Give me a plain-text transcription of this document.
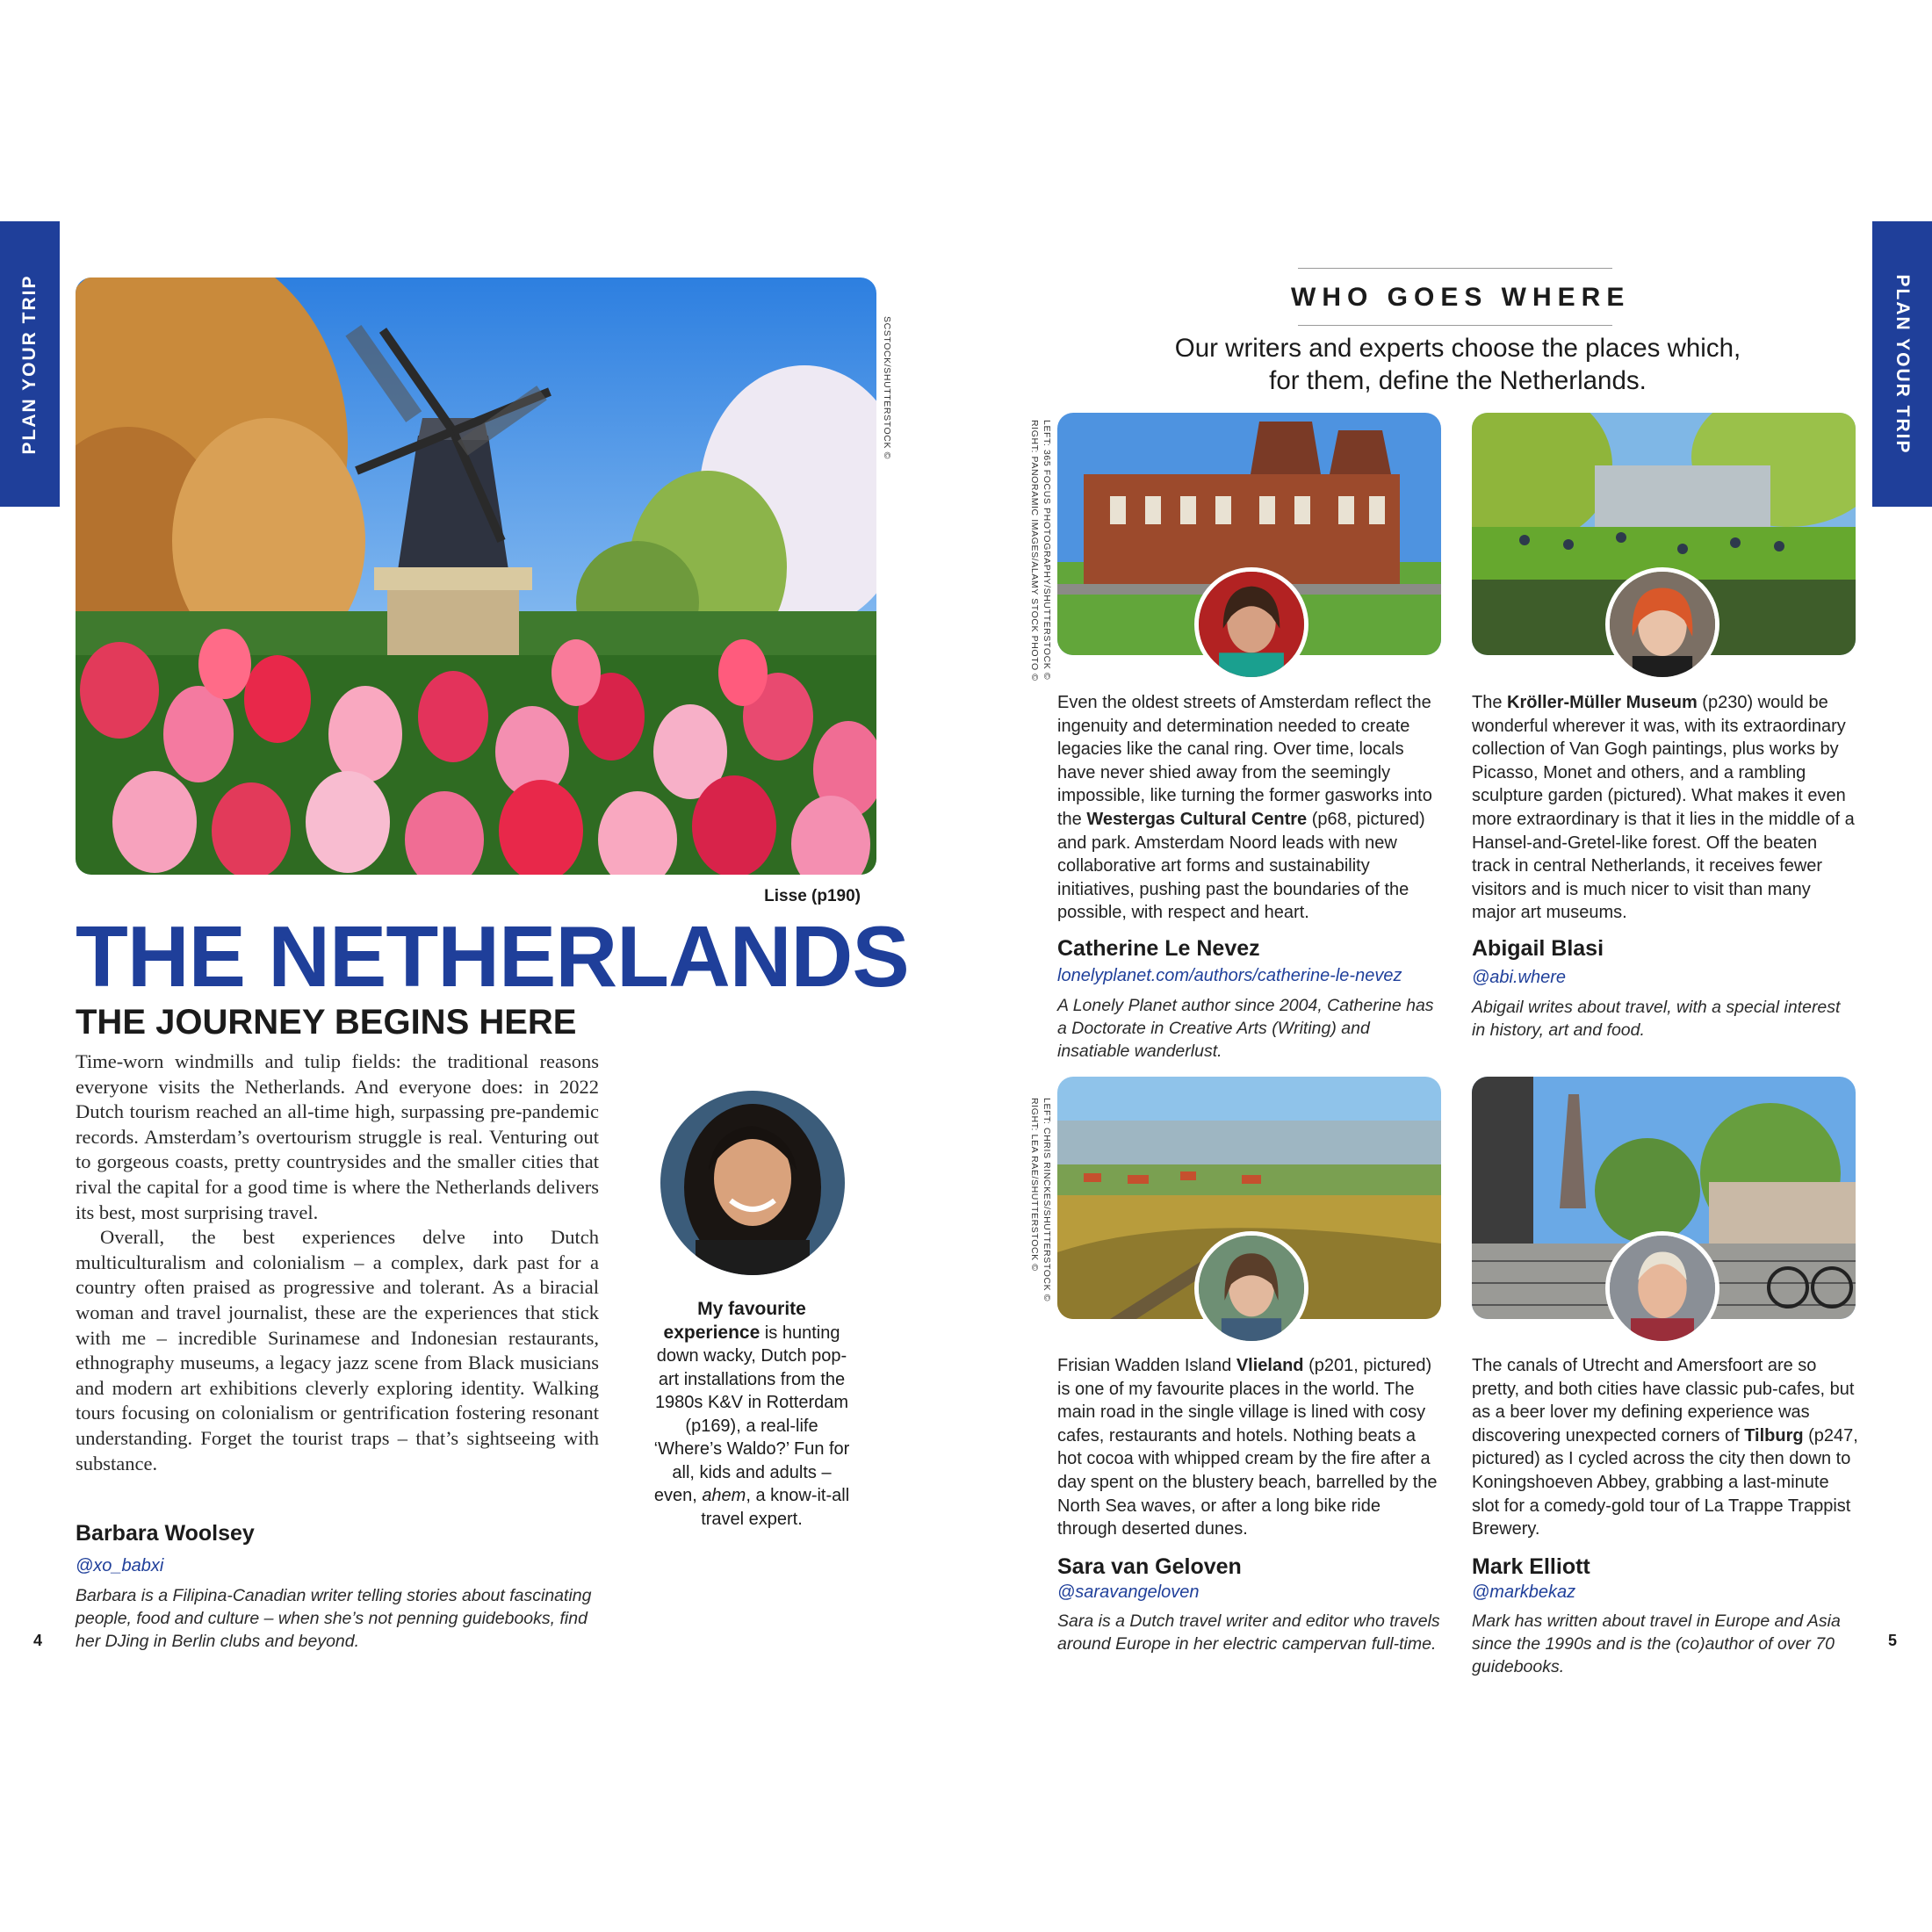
PLAN YOUR TRIP	PLAN YOUR TRIP
SCSTOCK/SHUTTERSTOCK ©
Lisse (p190)
THE NETHERLANDS
THE JOURNEY BEGINS HERE

Time-worn windmills and tulip fields: the traditional reasons everyone visits the Netherlands. And everyone does: in 2022 Dutch tourism reached an all-time high, surpassing pre-pandemic records. Amsterdam’s overtourism struggle is real. Venturing out to gorgeous coasts, pretty countrysides and the smaller cities that rival the capital for a good time is where the Netherlands delivers its best, most surprising travel.

Overall, the best experiences delve into Dutch multiculturalism and colonialism – a complex, dark past for a country often praised as progressive and tolerant. As a biracial woman and travel journalist, these are the experiences that stick with me – incredible Surinamese and Indonesian restaurants, ethnography museums, a legacy jazz scene from Black musicians and modern art exhibitions cleverly exploring identity. Walking tours focusing on colonialism or gentrification fostering resonant understanding. Forget the tourist traps – that’s sightseeing with substance.

Barbara Woolsey
@xo_babxi
Barbara is a Filipina-Canadian writer telling stories about fascinating people, food and culture – when she’s not penning guidebooks, find her DJing in Berlin clubs and beyond.
My favourite experience is hunting down wacky, Dutch pop-art installations from the 1980s K&V in Rotterdam (p169), a real-life ‘Where’s Waldo?’ Fun for all, kids and adults – even, ahem, a know-it-all travel expert.
4	5
WHO GOES WHERE
Our writers and experts choose the places which,
for them, define the Netherlands.
LEFT: 365 FOCUS PHOTOGRAPHY/SHUTTERSTOCK ©
RIGHT: PANORAMIC IMAGES/ALAMY STOCK PHOTO ©
LEFT: CHRIS RINCKES/SHUTTERSTOCK ©
RIGHT: LEA RAE/SHUTTERSTOCK ©
Even the oldest streets of Amsterdam reflect the ingenuity and determination needed to create legacies like the canal ring. Over time, locals have never shied away from the seemingly impossible, like turning the former gasworks into the Westergas Cultural Centre (p68, pictured) and park. Amsterdam Noord leads with new collaborative art forms and sustainability initiatives, pushing past the boundaries of the possible, with respect and heart.
Catherine Le Nevez
lonelyplanet.com/authors/catherine-le-nevez
A Lonely Planet author since 2004, Catherine has a Doctorate in Creative Arts (Writing) and insatiable wanderlust.
The Kröller-Müller Museum (p230) would be wonderful wherever it was, with its extraordinary collection of Van Gogh paintings, plus works by Picasso, Monet and others, and a rambling sculpture garden (pictured). What makes it even more extraordinary is that it lies in the middle of a Hansel-and-Gretel-like forest. Off the beaten track in central Netherlands, it receives fewer visitors and is much nicer to visit than many major art museums.
Abigail Blasi
@abi.where
Abigail writes about travel, with a special interest in history, art and food.
Frisian Wadden Island Vlieland (p201, pictured) is one of my favourite places in the world. The main road in the single village is lined with cosy cafes, restaurants and hotels. Nothing beats a hot cocoa with whipped cream by the fire after a day spent on the blustery beach, barrelled by the North Sea waves, or after a long bike ride through deserted dunes.
Sara van Geloven
@saravangeloven
Sara is a Dutch travel writer and editor who travels around Europe in her electric campervan full-time.
The canals of Utrecht and Amersfoort are so pretty, and both cities have classic pub-cafes, but as a beer lover my defining experience was discovering unexpected corners of Tilburg (p247, pictured) as I cycled across the city then down to Koningshoeven Abbey, grabbing a last-minute slot for a comedy-gold tour of La Trappe Trappist Brewery.
Mark Elliott
@markbekaz
Mark has written about travel in Europe and Asia since the 1990s and is the (co)author of over 70 guidebooks.
